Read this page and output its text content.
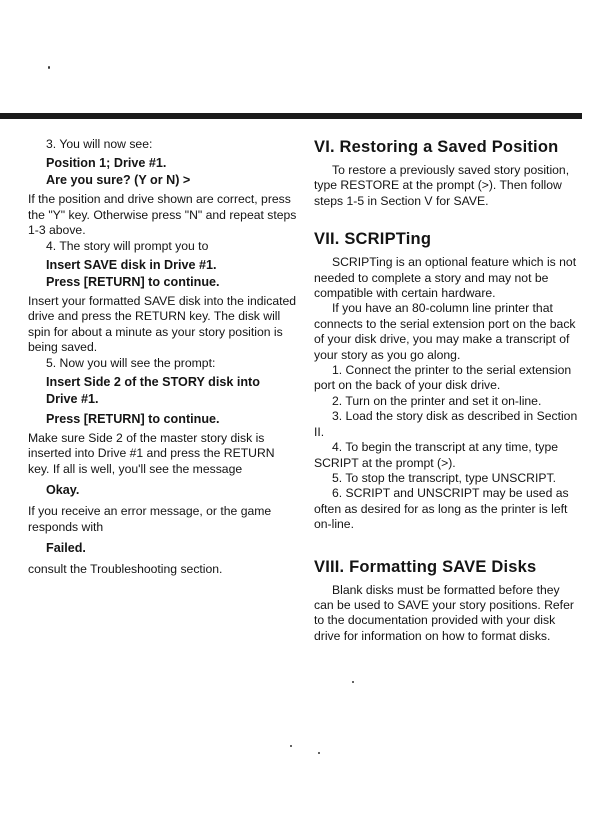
3. You will now see:

Position 1; Drive #1.
Are you sure? (Y or N) >

If the position and drive shown are correct, press the "Y" key. Otherwise press "N" and repeat steps 1-3 above.

4. The story will prompt you to

Insert SAVE disk in Drive #1.
Press [RETURN] to continue.

Insert your formatted SAVE disk into the indicated drive and press the RETURN key. The disk will spin for about a minute as your story position is being saved.

5. Now you will see the prompt:

Insert Side 2 of the STORY disk into
Drive #1.
Press [RETURN] to continue.

Make sure Side 2 of the master story disk is inserted into Drive #1 and press the RETURN key. If all is well, you'll see the message

Okay.

If you receive an error message, or the game responds with

Failed.

consult the Troubleshooting section.

VI. Restoring a Saved Position

To restore a previously saved story position, type RESTORE at the prompt (>). Then follow steps 1-5 in Section V for SAVE.

VII. SCRIPTing

SCRIPTing is an optional feature which is not needed to complete a story and may not be compatible with certain hardware.

If you have an 80-column line printer that connects to the serial extension port on the back of your disk drive, you may make a transcript of your story as you go along.

1. Connect the printer to the serial extension port on the back of your disk drive.

2. Turn on the printer and set it on-line.

3. Load the story disk as described in Section II.

4. To begin the transcript at any time, type SCRIPT at the prompt (>).

5. To stop the transcript, type UNSCRIPT.

6. SCRIPT and UNSCRIPT may be used as often as desired for as long as the printer is left on-line.

VIII. Formatting SAVE Disks

Blank disks must be formatted before they can be used to SAVE your story positions. Refer to the documentation provided with your disk drive for information on how to format disks.
